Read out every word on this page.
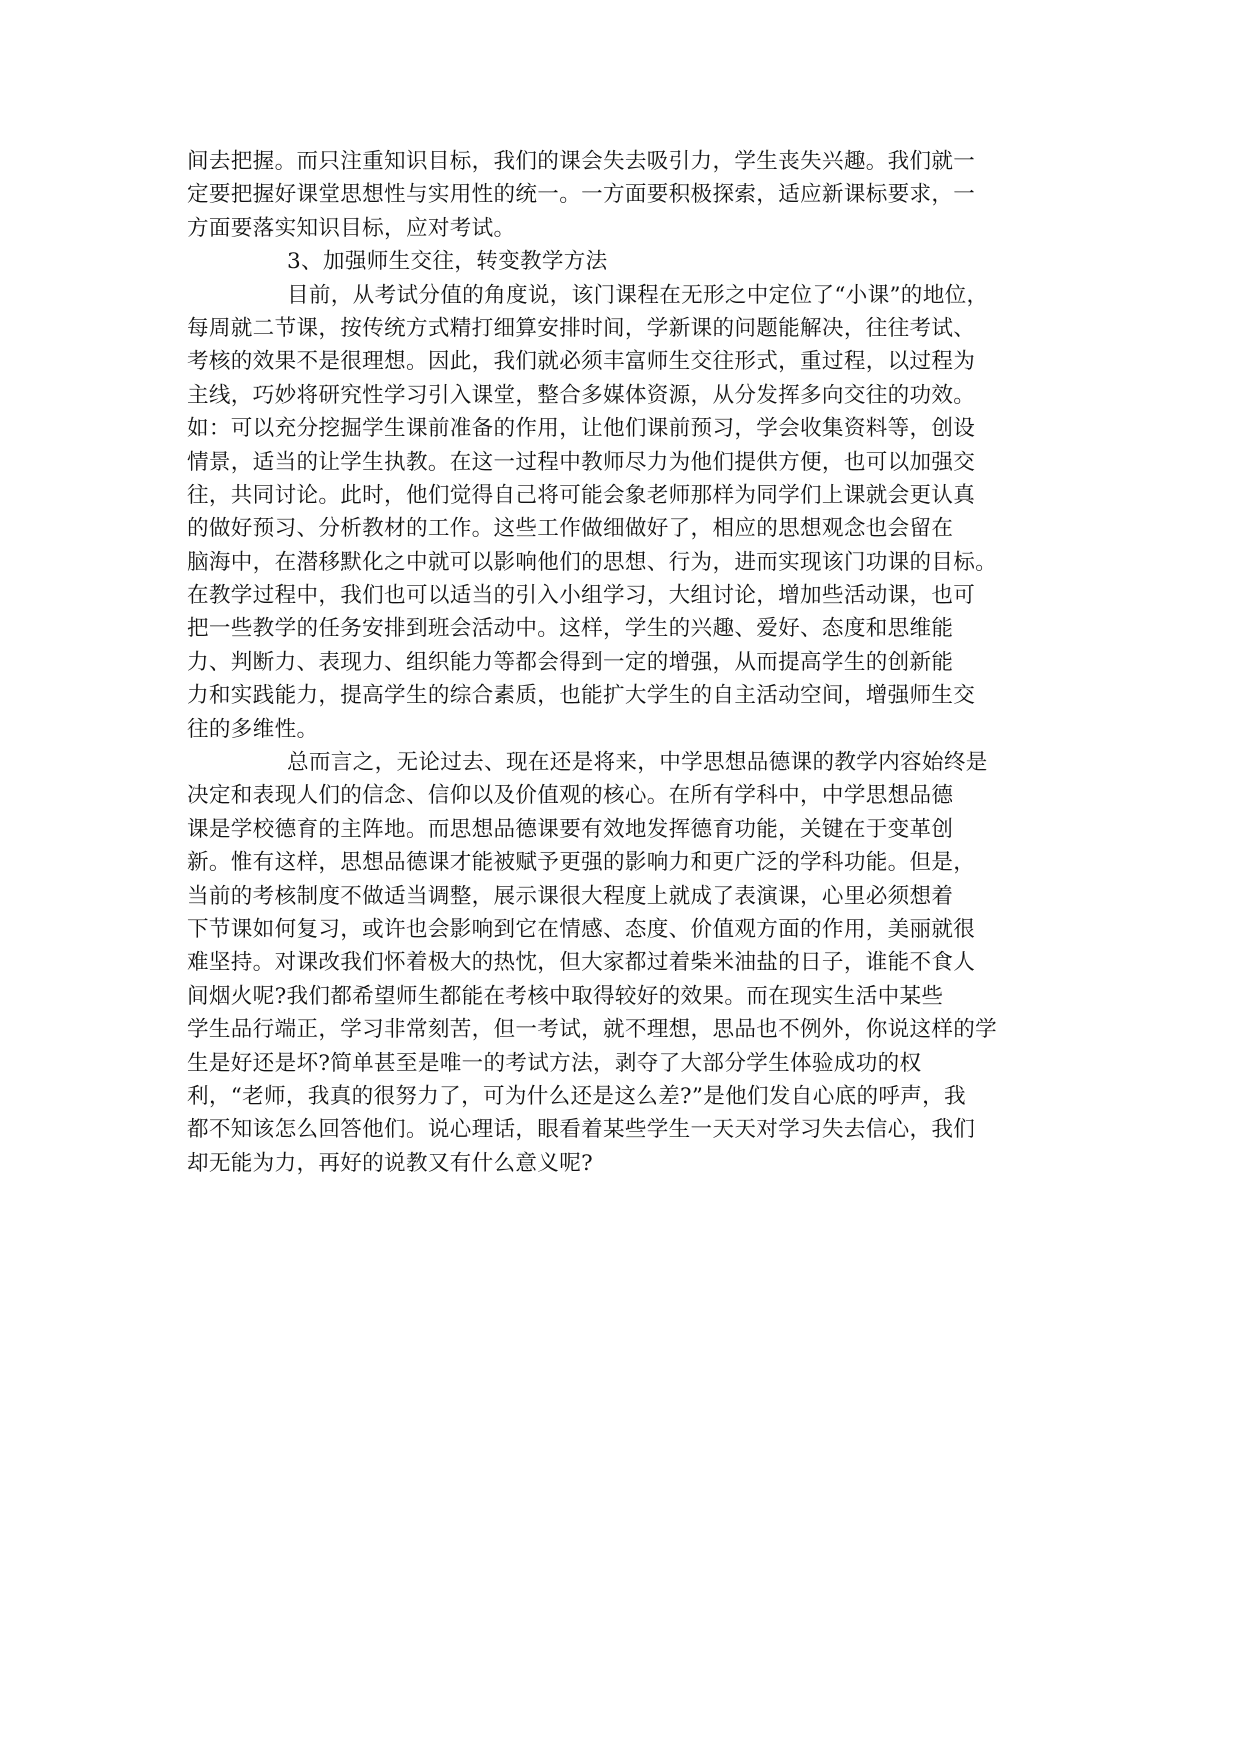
间去把握。而只注重知识目标，我们的课会失去吸引力，学生丧失兴趣。我们就一
定要把握好课堂思想性与实用性的统一。一方面要积极探索，适应新课标要求，一
方面要落实知识目标，应对考试。
3、加强师生交往，转变教学方法
目前，从考试分值的角度说，该门课程在无形之中定位了“小课”的地位，
每周就二节课，按传统方式精打细算安排时间，学新课的问题能解决，往往考试、
考核的效果不是很理想。因此，我们就必须丰富师生交往形式，重过程，以过程为
主线，巧妙将研究性学习引入课堂，整合多媒体资源，从分发挥多向交往的功效。
如：可以充分挖掘学生课前准备的作用，让他们课前预习，学会收集资料等，创设
情景，适当的让学生执教。在这一过程中教师尽力为他们提供方便，也可以加强交
往，共同讨论。此时，他们觉得自己将可能会象老师那样为同学们上课就会更认真
的做好预习、分析教材的工作。这些工作做细做好了，相应的思想观念也会留在
脑海中，在潜移默化之中就可以影响他们的思想、行为，进而实现该门功课的目标。
在教学过程中，我们也可以适当的引入小组学习，大组讨论，增加些活动课，也可
把一些教学的任务安排到班会活动中。这样，学生的兴趣、爱好、态度和思维能
力、判断力、表现力、组织能力等都会得到一定的增强，从而提高学生的创新能
力和实践能力，提高学生的综合素质，也能扩大学生的自主活动空间，增强师生交
往的多维性。
总而言之，无论过去、现在还是将来，中学思想品德课的教学内容始终是
决定和表现人们的信念、信仰以及价值观的核心。在所有学科中，中学思想品德
课是学校德育的主阵地。而思想品德课要有效地发挥德育功能，关键在于变革创
新。惟有这样，思想品德课才能被赋予更强的影响力和更广泛的学科功能。但是，
当前的考核制度不做适当调整，展示课很大程度上就成了表演课，心里必须想着
下节课如何复习，或许也会影响到它在情感、态度、价值观方面的作用，美丽就很
难坚持。对课改我们怀着极大的热忱，但大家都过着柴米油盐的日子，谁能不食人
间烟火呢?我们都希望师生都能在考核中取得较好的效果。而在现实生活中某些
学生品行端正，学习非常刻苦，但一考试，就不理想，思品也不例外，你说这样的学
生是好还是坏?简单甚至是唯一的考试方法，剥夺了大部分学生体验成功的权
利，“老师，我真的很努力了，可为什么还是这么差?”是他们发自心底的呼声，我
都不知该怎么回答他们。说心理话，眼看着某些学生一天天对学习失去信心，我们
却无能为力，再好的说教又有什么意义呢?
